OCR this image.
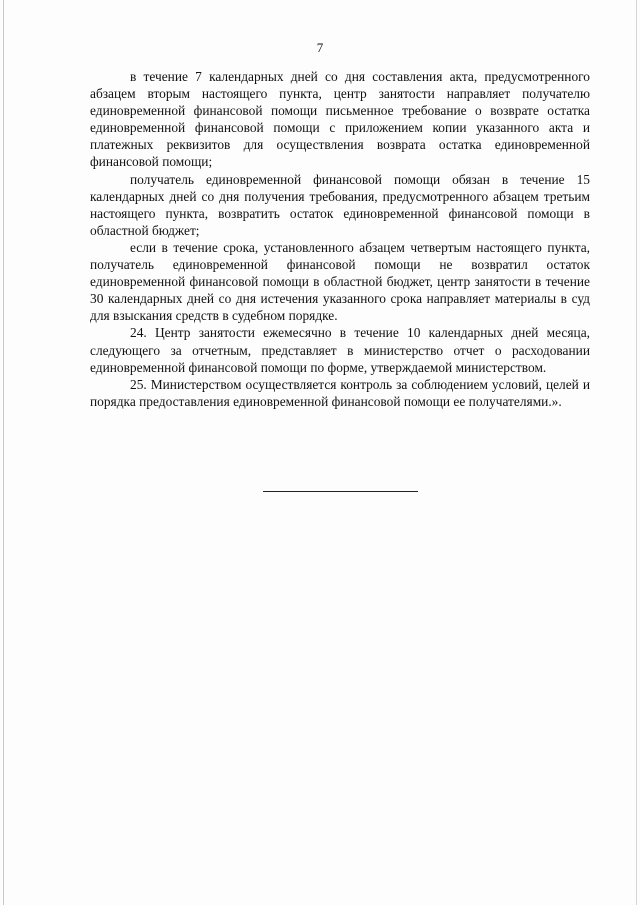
7

в течение 7 календарных дней со дня составления акта, предусмотренного абзацем вторым настоящего пункта, центр занятости направляет получателю единовременной финансовой помощи письменное требование о возврате остатка единовременной финансовой помощи с приложением копии указанного акта и платежных реквизитов для осуществления возврата остатка единовременной финансовой помощи;

получатель единовременной финансовой помощи обязан в течение 15 календарных дней со дня получения требования, предусмотренного абзацем третьим настоящего пункта, возвратить остаток единовременной финансовой помощи в областной бюджет;

если в течение срока, установленного абзацем четвертым настоящего пункта, получатель единовременной финансовой помощи не возвратил остаток единовременной финансовой помощи в областной бюджет, центр занятости в течение 30 календарных дней со дня истечения указанного срока направляет материалы в суд для взыскания средств в судебном порядке.

24. Центр занятости ежемесячно в течение 10 календарных дней месяца, следующего за отчетным, представляет в министерство отчет о расходовании единовременной финансовой помощи по форме, утверждаемой министерством.

25. Министерством осуществляется контроль за соблюдением условий, целей и порядка предоставления единовременной финансовой помощи ее получателями.».
